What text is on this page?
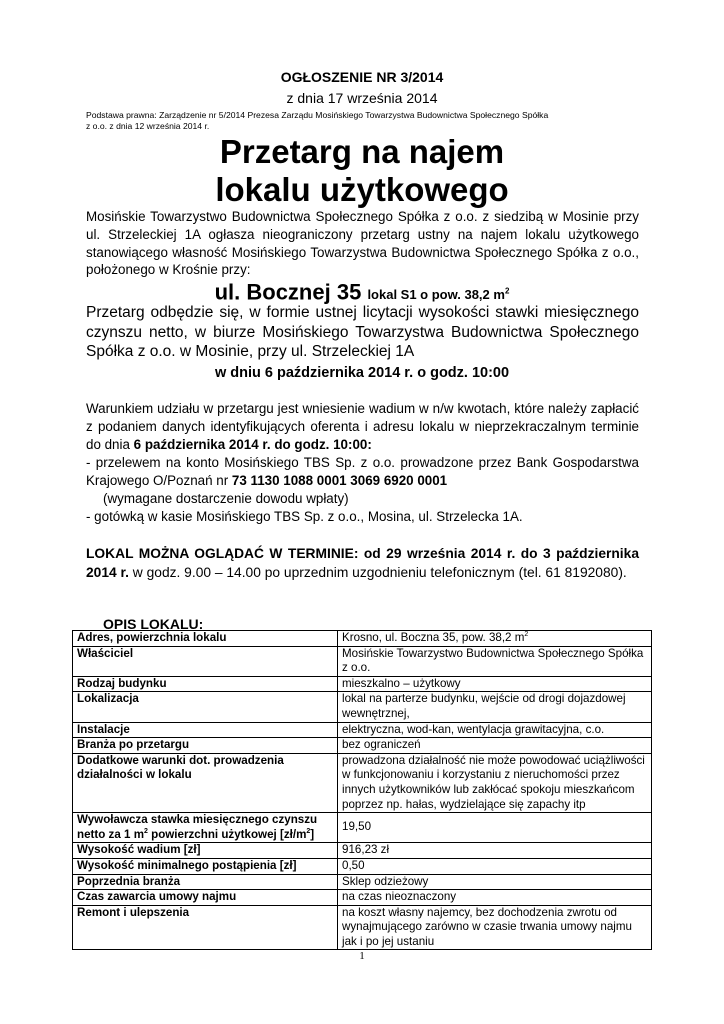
OGŁOSZENIE NR 3/2014
z dnia 17 września 2014
Podstawa prawna: Zarządzenie nr 5/2014 Prezesa Zarządu Mosińskiego Towarzystwa Budownictwa Społecznego Spółka
z o.o. z dnia 12 września 2014 r.
Przetarg na najem
lokalu użytkowego
Mosińskie Towarzystwo Budownictwa Społecznego Spółka z o.o. z siedzibą w Mosinie przy ul. Strzeleckiej 1A ogłasza nieograniczony przetarg ustny na najem lokalu użytkowego stanowiącego własność Mosińskiego Towarzystwa Budownictwa Społecznego Spółka z o.o., położonego w Krośnie przy:
ul. Bocznej 35 lokal S1 o pow. 38,2 $m^2$
Przetarg odbędzie się, w formie ustnej licytacji wysokości stawki miesięcznego czynszu netto, w biurze Mosińskiego Towarzystwa Budownictwa Społecznego Spółka z o.o. w Mosinie, przy ul. Strzeleckiej 1A
w dniu 6 października 2014 r. o godz. 10:00
Warunkiem udziału w przetargu jest wniesienie wadium w n/w kwotach, które należy zapłacić z podaniem danych identyfikujących oferenta i adresu lokalu w nieprzekraczalnym terminie do dnia 6 października 2014 r. do godz. 10:00:
- przelewem na konto Mosińskiego TBS Sp. z o.o. prowadzone przez Bank Gospodarstwa Krajowego O/Poznań nr 73 1130 1088 0001 3069 6920 0001
(wymagane dostarczenie dowodu wpłaty)
- gotówką w kasie Mosińskiego TBS Sp. z o.o., Mosina, ul. Strzelecka 1A.
LOKAL MOŻNA OGLĄDAĆ W TERMINIE: od 29 września 2014 r. do 3 października 2014 r. w godz. 9.00 – 14.00 po uprzednim uzgodnieniu telefonicznym (tel. 61 8192080).
OPIS LOKALU:
Adres, powierzchnia lokalu	Krosno, ul. Boczna 35, pow. 38,2 $m^2$
Właściciel	Mosińskie Towarzystwo Budownictwa Społecznego Spółka z o.o.
Rodzaj budynku	mieszkalno – użytkowy
Lokalizacja	lokal na parterze budynku, wejście od drogi dojazdowej wewnętrznej,
Instalacje	elektryczna, wod-kan, wentylacja grawitacyjna, c.o.
Branża po przetargu	bez ograniczeń
Dodatkowe warunki dot. prowadzenia działalności w lokalu	prowadzona działalność nie może powodować uciążliwości w funkcjonowaniu i korzystaniu z nieruchomości przez innych użytkowników lub zakłócać spokoju mieszkańcom poprzez np. hałas, wydzielające się zapachy itp

Wywoławcza stawka miesięcznego czynszu
netto za 1 $m^2$ powierzchni użytkowej $[zł/m^2]$	19,50
Wysokość wadium [zł]	916,23 zł
Wysokość minimalnego postąpienia [zł]	0,50
Poprzednia branża	Sklep odzieżowy
Czas zawarcia umowy najmu	na czas nieoznaczony
Remont i ulepszenia	na koszt własny najemcy, bez dochodzenia zwrotu od wynajmującego zarówno w czasie trwania umowy najmu jak i po jej ustaniu
1
